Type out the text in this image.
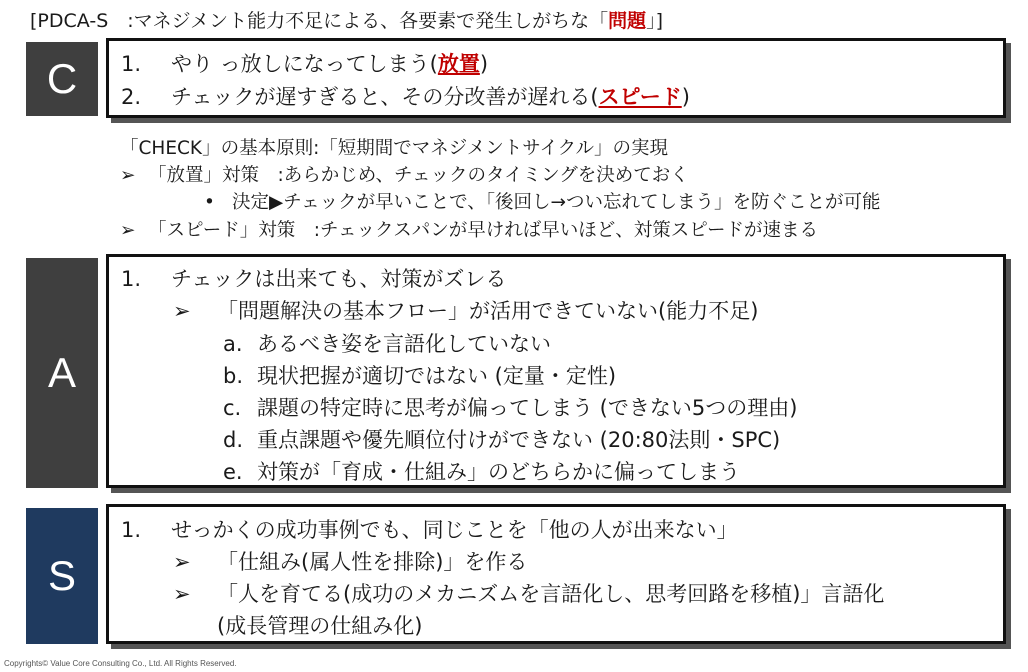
[PDCA-S　:マネジメント能力不足による、各要素で発生しがちな「問題」]
C	1. やり っ放しになってしまう(放置)
2. チェックが遅すぎると、その分改善が遅れる(スピード)
「CHECK」の基本原則:「短期間でマネジメントサイクル」の実現
➢ 「放置」対策　:あらかじめ、チェックのタイミングを決めておく
• 決定▶チェックが早いことで、「後回し→つい忘れてしまう」を防ぐことが可能
➢ 「スピード」対策　:チェックスパンが早ければ早いほど、対策スピードが速まる
A
1. チェックは出来ても、対策がズレる
➢ 「問題解決の基本フロー」が活用できていない(能力不足)
a. あるべき姿を言語化していない
b. 現状把握が適切ではない (定量・定性)
c. 課題の特定時に思考が偏ってしまう (できない5つの理由)
d. 重点課題や優先順位付けができない (20:80法則・SPC)
e. 対策が「育成・仕組み」のどちらかに偏ってしまう
S
1. せっかくの成功事例でも、同じことを「他の人が出来ない」
➢ 「仕組み(属人性を排除)」を作る
➢ 「人を育てる(成功のメカニズムを言語化し、思考回路を移植)」言語化
(成長管理の仕組み化)
Copyrights© Value Core Consulting Co., Ltd. All Rights Reserved.
